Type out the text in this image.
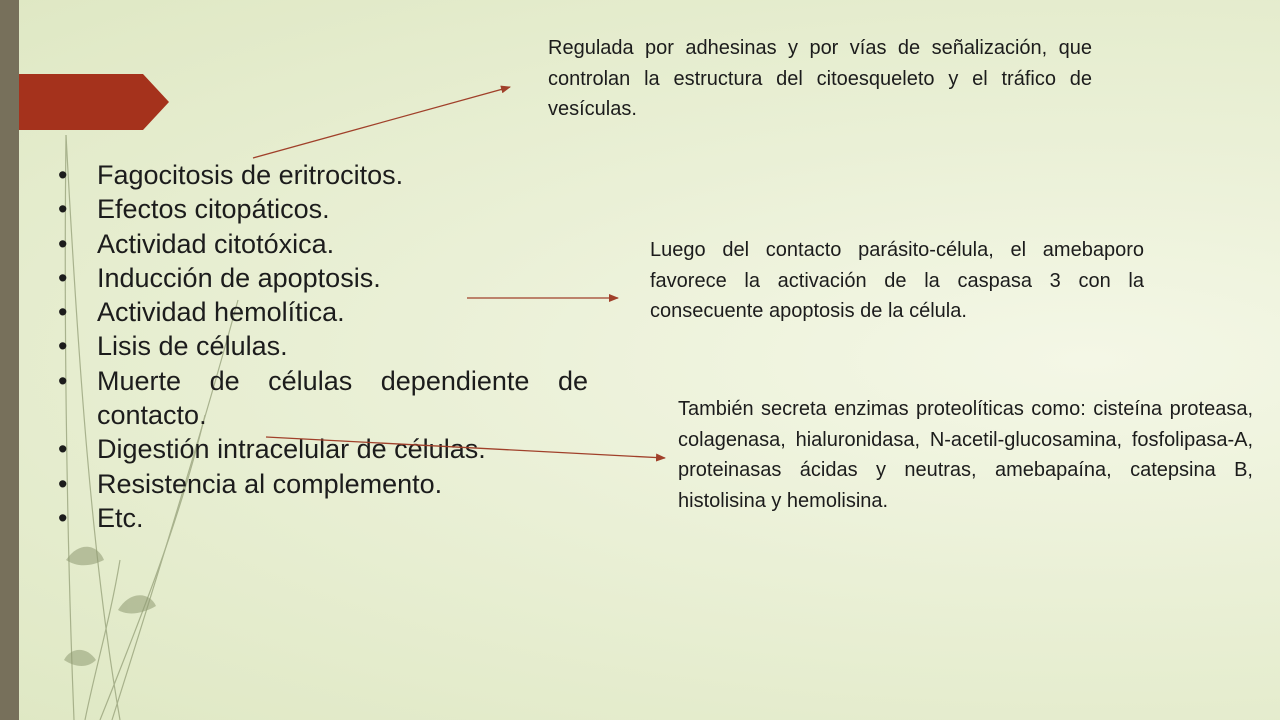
• Fagocitosis de eritrocitos.
• Efectos citopáticos.
• Actividad citotóxica.
• Inducción de apoptosis.
• Actividad hemolítica.
• Lisis de células.
• Muerte de células dependiente de contacto.
• Digestión intracelular de células.
• Resistencia al complemento.
• Etc.

Regulada por adhesinas y por vías de señalización, que controlan la estructura del citoesqueleto y el tráfico de vesículas.

Luego del contacto parásito-célula, el amebaporo favorece la activación de la caspasa 3 con la consecuente apoptosis de la célula.

También secreta enzimas proteolíticas como: cisteína proteasa, colagenasa, hialuronidasa, N-acetil-glucosamina, fosfolipasa-A, proteinasas ácidas y neutras, amebapaína, catepsina B, histolisina y hemolisina.
